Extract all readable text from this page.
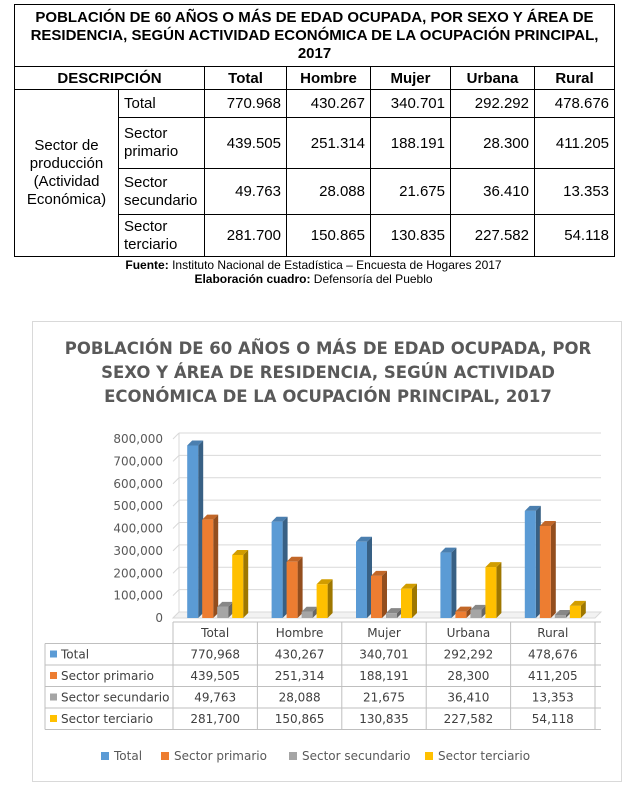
POBLACIÓN DE 60 AÑOS O MÁS DE EDAD OCUPADA, POR SEXO Y ÁREA DE RESIDENCIA, SEGÚN ACTIVIDAD ECONÓMICA DE LA OCUPACIÓN PRINCIPAL, 2017						
DESCRIPCIÓN		Total	Hombre	Mujer	Urbana	Rural
Sector de producción (Actividad Económica)	Total	770.968	430.267	340.701	292.292	478.676
	Sector primario	439.505	251.314	188.191	28.300	411.205
	Sector secundario	49.763	28.088	21.675	36.410	13.353
	Sector terciario	281.700	150.865	130.835	227.582	54.118
Fuente: Instituto Nacional de Estadística – Encuesta de Hogares 2017
Elaboración cuadro: Defensoría del Pueblo
POBLACIÓN DE 60 AÑOS O MÁS DE EDAD OCUPADA, POR
SEXO Y ÁREA DE RESIDENCIA, SEGÚN ACTIVIDAD
ECONÓMICA DE LA OCUPACIÓN PRINCIPAL, 2017
0
100,000
200,000
300,000
400,000
500,000
600,000
700,000
800,000
Total	Hombre	Mujer	Urbana	Rural
Total	770,968	430,267	340,701	292,292	478,676
Sector primario	439,505	251,314	188,191	28,300	411,205
Sector secundario 49,763	28,088	21,675	36,410	13,353
Sector terciario	281,700	150,865	130,835	227,582	54,118
Total	Sector primario	Sector secundario Sector terciario
